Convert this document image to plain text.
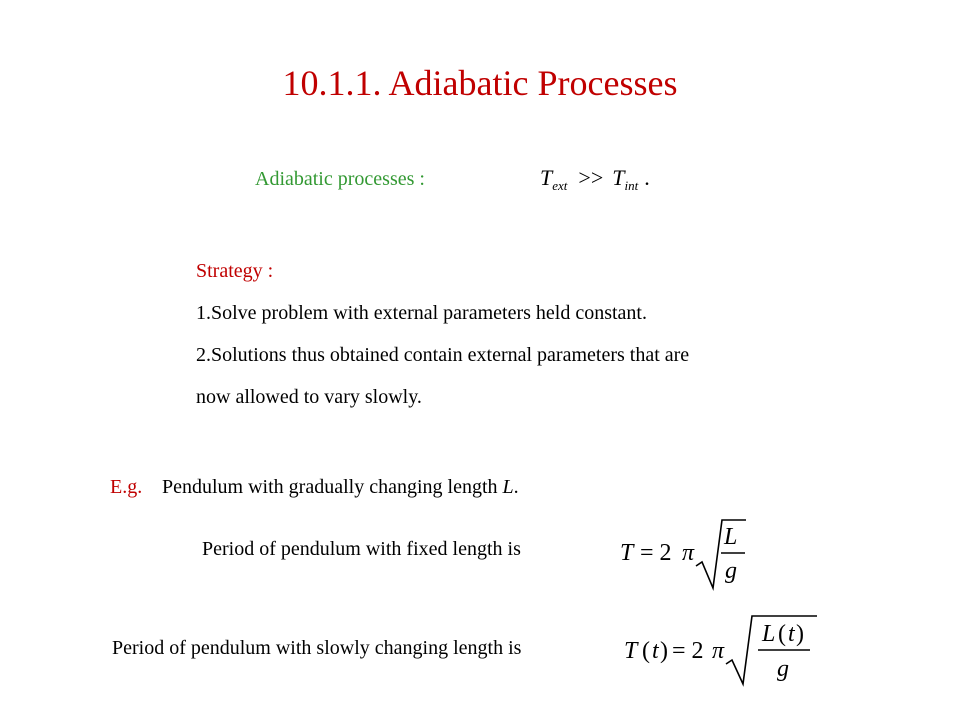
10.1.1. Adiabatic Processes
Adiabatic processes :	$T_{ext} >> T_{int}$ .
Strategy :
1.Solve problem with external parameters held constant.
2.Solutions thus obtained contain external parameters that are
now allowed to vary slowly.
E.g. Pendulum with gradually changing length L.
Period of pendulum with fixed length is	T = 2 π
L
g
Period of pendulum with slowly changing length is	T ( t ) = 2 π
L ( t )
g
